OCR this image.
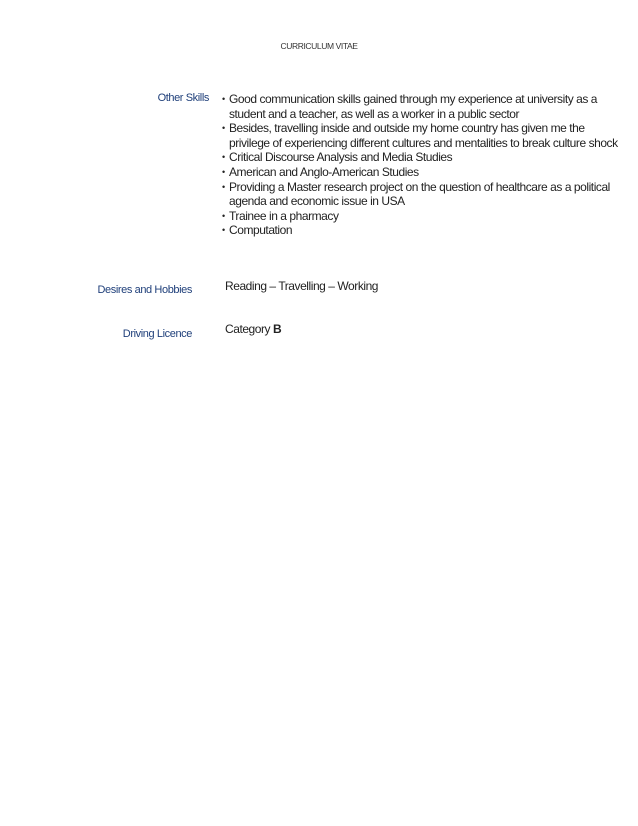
CURRICULUM VITAE
Other Skills • Good communication skills gained through my experience at university as a student and a teacher, as well as a worker in a public sector
• Besides, travelling inside and outside my home country has given me the privilege of experiencing different cultures and mentalities to break culture shock
• Critical Discourse Analysis and Media Studies
• American and Anglo-American Studies
• Providing a Master research project on the question of healthcare as a political agenda and economic issue in USA
• Trainee in a pharmacy
• Computation
Desires and Hobbies	Reading – Travelling – Working
Driving Licence	Category B
